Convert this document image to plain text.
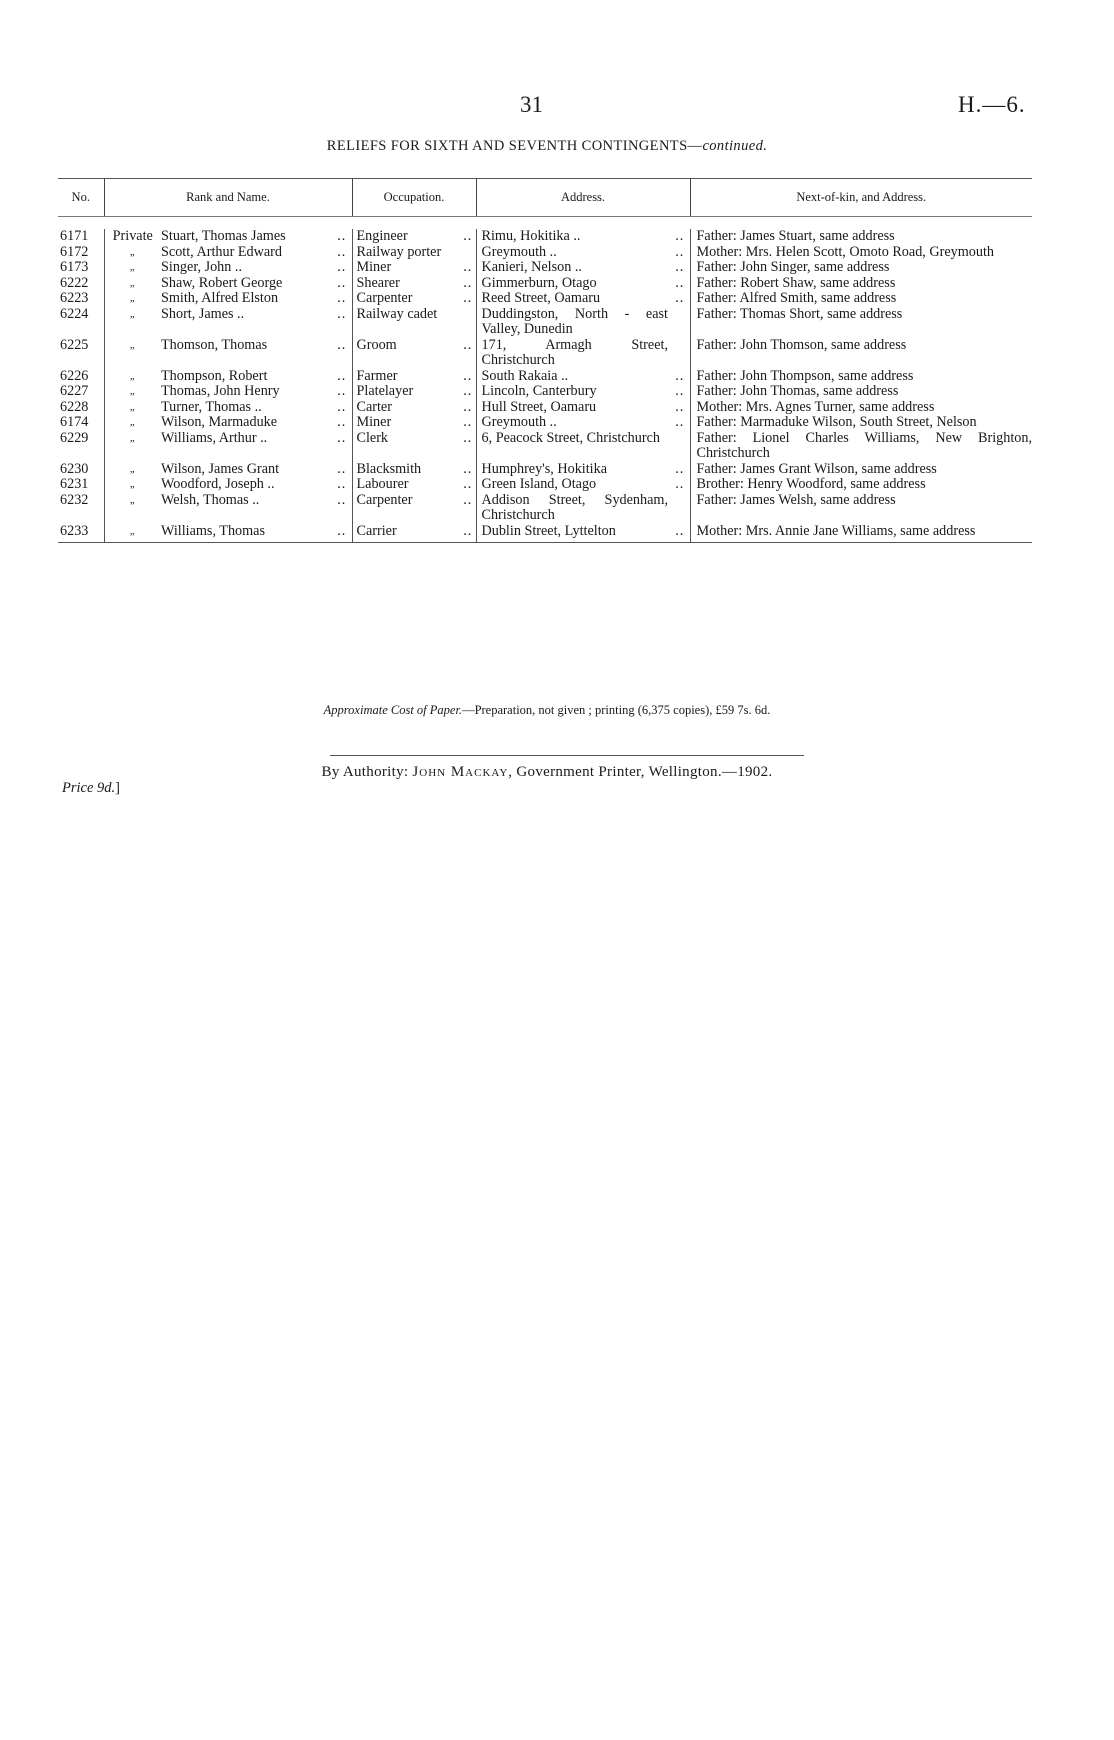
31	H.—6.
RELIEFS FOR SIXTH AND SEVENTH CONTINGENTS—continued.
No.	Rank and Name.			Occupation.		Address.		Next-of-kin, and Address.

6171	Private	Stuart, Thomas James	..	Engineer	..	Rimu, Hokitika ..	..	Father: James Stuart, same address
6172	„	Scott, Arthur Edward	..	Railway porter		Greymouth ..	..	Mother: Mrs. Helen Scott, Omoto Road, Greymouth
6173	„	Singer, John ..	..	Miner	..	Kanieri, Nelson ..	..	Father: John Singer, same address
6222	„	Shaw, Robert George	..	Shearer	..	Gimmerburn, Otago	..	Father: Robert Shaw, same address
6223	„	Smith, Alfred Elston	..	Carpenter	..	Reed Street, Oamaru	..	Father: Alfred Smith, same address
6224	„	Short, James ..	..	Railway cadet		Duddingston, North - east Valley, Dunedin		Father: Thomas Short, same address
6225	„	Thomson, Thomas	..	Groom	..	171, Armagh Street, Christchurch		Father: John Thomson, same address
6226	„	Thompson, Robert	..	Farmer	..	South Rakaia ..	..	Father: John Thompson, same address
6227	„	Thomas, John Henry	..	Platelayer	..	Lincoln, Canterbury	..	Father: John Thomas, same address
6228	„	Turner, Thomas ..	..	Carter	..	Hull Street, Oamaru	..	Mother: Mrs. Agnes Turner, same address
6174	„	Wilson, Marmaduke	..	Miner	..	Greymouth ..	..	Father: Marmaduke Wilson, South Street, Nelson
6229	„	Williams, Arthur ..	..	Clerk	..	6, Peacock Street, Christchurch		Father: Lionel Charles Williams, New Brighton, Christchurch
6230	„	Wilson, James Grant	..	Blacksmith	..	Humphrey's, Hokitika	..	Father: James Grant Wilson, same address
6231	„	Woodford, Joseph ..	..	Labourer	..	Green Island, Otago	..	Brother: Henry Woodford, same address
6232	„	Welsh, Thomas ..	..	Carpenter	..	Addison Street, Sydenham, Christchurch		Father: James Welsh, same address
6233	„	Williams, Thomas	..	Carrier	..	Dublin Street, Lyttelton	..	Mother: Mrs. Annie Jane Williams, same address
Approximate Cost of Paper.—Preparation, not given ; printing (6,375 copies), £59 7s. 6d.
By Authority: John Mackay, Government Printer, Wellington.—1902.
Price 9d.]
